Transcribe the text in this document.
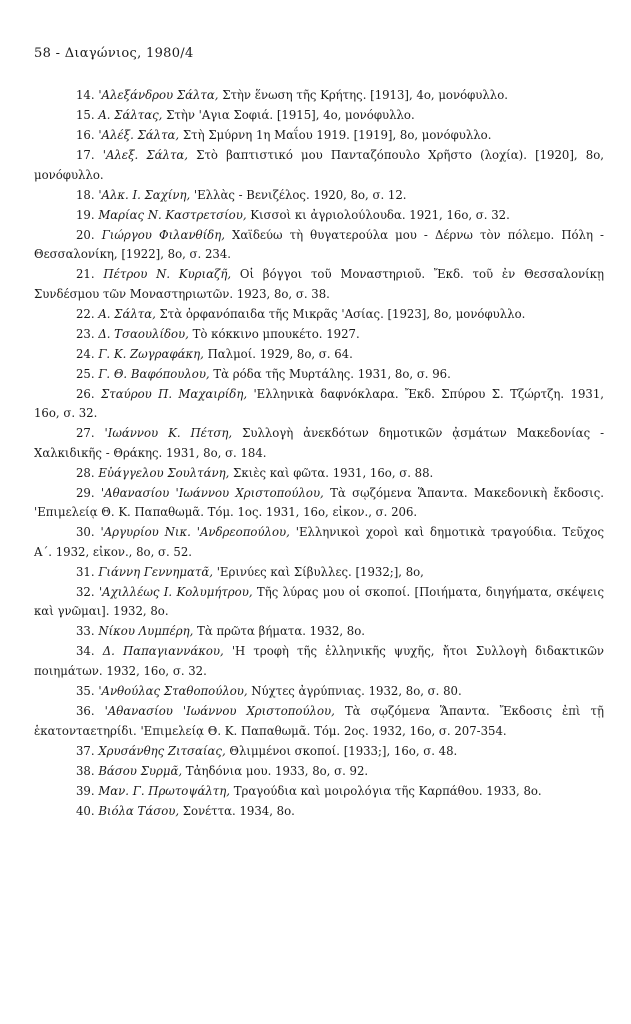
58 - Διαγώνιος, 1980/4
14. 'Αλεξάνδρου Σάλτα, Στὴν ἕνωση τῆς Κρήτης. [1913], 4ο, μονόφυλλο.
15. Α. Σάλτας, Στὴν 'Αγια Σοφιά. [1915], 4ο, μονόφυλλο.
16. 'Αλέξ. Σάλτα, Στὴ Σμύρνη 1η Μαΐου 1919. [1919], 8ο, μονόφυλλο.
17. 'Αλεξ. Σάλτα, Στὸ βαπτιστικό μου Πανταζόπουλο Χρῆστο (λοχία). [1920], 8ο, μονόφυλλο.
18. 'Αλκ. Ι. Σαχίνη, 'Ελλὰς - Βενιζέλος. 1920, 8ο, σ. 12.
19. Μαρίας Ν. Καστρετσίου, Κισσοὶ κι ἀγριολούλουδα. 1921, 16ο, σ. 32.
20. Γιώργου Φιλανθίδη, Χαϊδεύω τὴ θυγατερούλα μου - Δέρνω τὸν πόλεμο. Πόλη - Θεσσαλονίκη, [1922], 8ο, σ. 234.
21. Πέτρου Ν. Κυριαζῆ, Οἱ βόγγοι τοῦ Μοναστηριοῦ. Ἔκδ. τοῦ ἐν Θεσσαλονίκῃ Συνδέσμου τῶν Μοναστηριωτῶν. 1923, 8ο, σ. 38.
22. Α. Σάλτα, Στὰ ὀρφανόπαιδα τῆς Μικρᾶς 'Ασίας. [1923], 8ο, μονόφυλλο.
23. Δ. Τσαουλίδου, Τὸ κόκκινο μπουκέτο. 1927.
24. Γ. Κ. Ζωγραφάκη, Παλμοί. 1929, 8ο, σ. 64.
25. Γ. Θ. Βαφόπουλου, Τὰ ρόδα τῆς Μυρτάλης. 1931, 8ο, σ. 96.
26. Σταύρου Π. Μαχαιρίδη, 'Ελληνικὰ δαφνόκλαρα. Ἔκδ. Σπύρου Σ. Τζώρτζη. 1931, 16ο, σ. 32.
27. 'Ιωάννου Κ. Πέτση, Συλλογὴ ἀνεκδότων δημοτικῶν ᾀσμάτων Μακεδονίας - Χαλκιδικῆς - Θράκης. 1931, 8ο, σ. 184.
28. Εὐάγγελου Σουλτάνη, Σκιὲς καὶ φῶτα. 1931, 16ο, σ. 88.
29. 'Αθανασίου 'Ιωάννου Χριστοπούλου, Τὰ σῳζόμενα Ἅπαντα. Μακεδονικὴ ἔκδοσις. 'Επιμελείᾳ Θ. Κ. Παπαθωμᾶ. Τόμ. 1ος. 1931, 16ο, εἰκον., σ. 206.
30. 'Αργυρίου Νικ. 'Ανδρεοπούλου, 'Ελληνικοὶ χοροὶ καὶ δημοτικὰ τραγούδια. Τεῦχος Α΄. 1932, εἰκον., 8ο, σ. 52.
31. Γιάννη Γεννηματᾶ, 'Ερινύες καὶ Σίβυλλες. [1932;], 8ο,
32. 'Αχιλλέως Ι. Κολυμήτρου, Τῆς λύρας μου οἱ σκοποί. [Ποιήματα, διηγήματα, σκέψεις καὶ γνῶμαι]. 1932, 8ο.
33. Νίκου Λυμπέρη, Τὰ πρῶτα βήματα. 1932, 8ο.
34. Δ. Παπαγιαννάκου, 'Η τροφὴ τῆς ἑλληνικῆς ψυχῆς, ἤτοι Συλλογὴ διδακτικῶν ποιημάτων. 1932, 16ο, σ. 32.
35. 'Ανθούλας Σταθοπούλου, Νύχτες ἀγρύπνιας. 1932, 8ο, σ. 80.
36. 'Αθανασίου 'Ιωάννου Χριστοπούλου, Τὰ σῳζόμενα Ἅπαντα. Ἔκδοσις ἐπὶ τῇ ἑκατονταετηρίδι. 'Επιμελείᾳ Θ. Κ. Παπαθωμᾶ. Τόμ. 2ος. 1932, 16ο, σ. 207-354.
37. Χρυσάνθης Ζιτσαίας, Θλιμμένοι σκοποί. [1933;], 16ο, σ. 48.
38. Βάσου Συρμᾶ, Τἀηδόνια μου. 1933, 8ο, σ. 92.
39. Μαν. Γ. Πρωτοψάλτη, Τραγούδια καὶ μοιρολόγια τῆς Καρπάθου. 1933, 8ο.
40. Βιόλα Τάσου, Σονέττα. 1934, 8ο.
